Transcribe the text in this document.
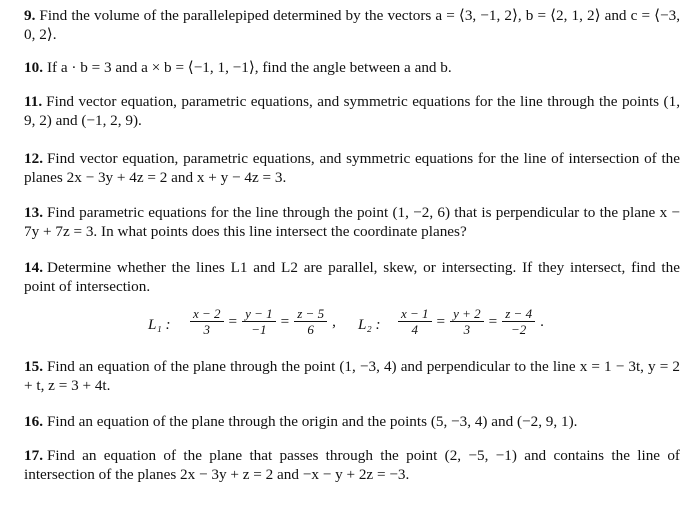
9. Find the volume of the parallelepiped determined by the vectors a = ⟨3, −1, 2⟩, b = ⟨2, 1, 2⟩ and c = ⟨−3, 0, 2⟩.
10. If a · b = 3 and a × b = ⟨−1, 1, −1⟩, find the angle between a and b.
11. Find vector equation, parametric equations, and symmetric equations for the line through the points (1, 9, 2) and (−1, 2, 9).
12. Find vector equation, parametric equations, and symmetric equations for the line of intersection of the planes 2x − 3y + 4z = 2 and x + y − 4z = 3.
13. Find parametric equations for the line through the point (1, −2, 6) that is perpendicular to the plane x − 7y + 7z = 3. In what points does this line intersect the coordinate planes?
14. Determine whether the lines L1 and L2 are parallel, skew, or intersecting. If they intersect, find the point of intersection.
L₁ : $\frac{x - 2}{3} = \frac{y - 1}{-1} = \frac{z - 5}{6}$ , L₂ : $\frac{x - 1}{4} = \frac{y + 2}{3} = \frac{z - 4}{-2}$ .
15. Find an equation of the plane through the point (1, −3, 4) and perpendicular to the line x = 1 − 3t, y = 2 + t, z = 3 + 4t.
16. Find an equation of the plane through the origin and the points (5, −3, 4) and (−2, 9, 1).
17. Find an equation of the plane that passes through the point (2, −5, −1) and contains the line of intersection of the planes 2x − 3y + z = 2 and −x − y + 2z = −3.
